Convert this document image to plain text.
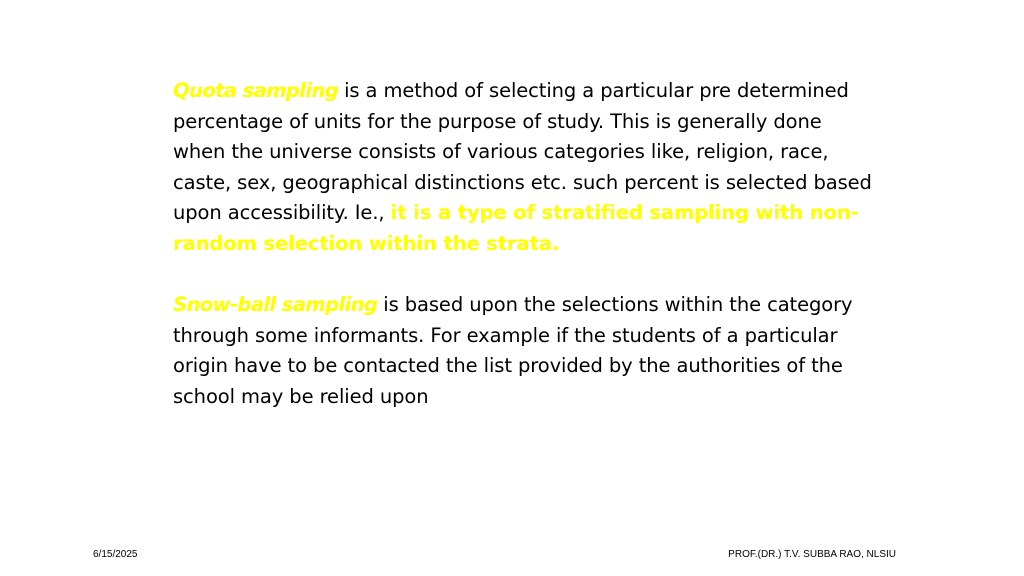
Quota sampling is a method of selecting a particular pre determined percentage of units for the purpose of study. This is generally done when the universe consists of various categories like, religion, race, caste, sex, geographical distinctions etc. such percent is selected based upon accessibility. Ie., it is a type of stratified sampling with non-random selection within the strata.

Snow-ball sampling is based upon the selections within the category through some informants. For example if the students of a particular origin have to be contacted the list provided by the authorities of the school may be relied upon

6/15/2025	PROF.(DR.) T.V. SUBBA RAO, NLSIU
